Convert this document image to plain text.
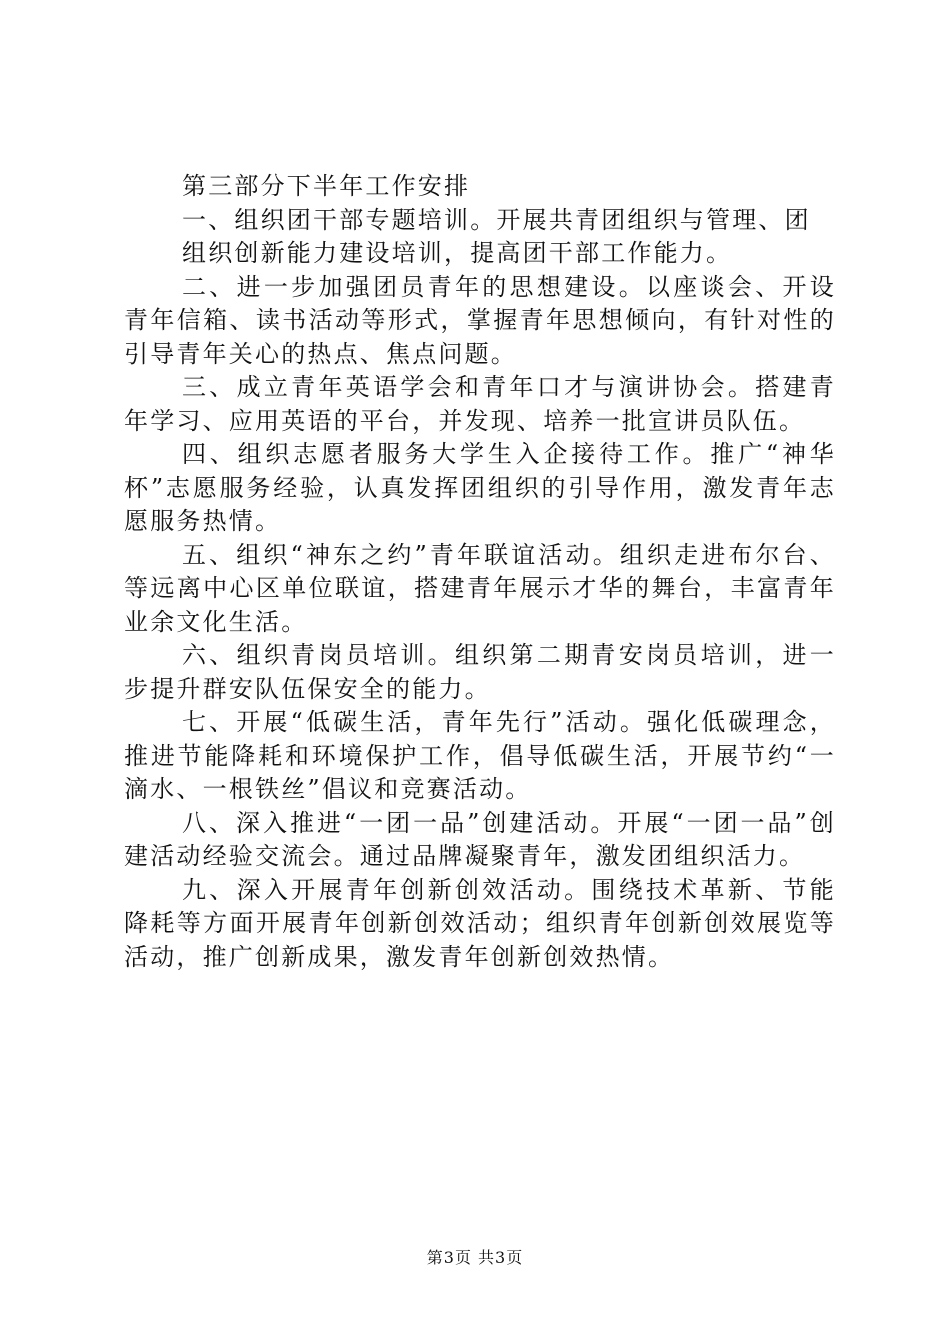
第三部分下半年工作安排

一、组织团干部专题培训。开展共青团组织与管理、团
组织创新能力建设培训，提高团干部工作能力。

二、进一步加强团员青年的思想建设。以座谈会、开设青年信箱、读书活动等形式，掌握青年思想倾向，有针对性的引导青年关心的热点、焦点问题。

三、成立青年英语学会和青年口才与演讲协会。搭建青年学习、应用英语的平台，并发现、培养一批宣讲员队伍。

四、组织志愿者服务大学生入企接待工作。推广“神华杯”志愿服务经验，认真发挥团组织的引导作用，激发青年志愿服务热情。

五、组织“神东之约”青年联谊活动。组织走进布尔台、等远离中心区单位联谊，搭建青年展示才华的舞台，丰富青年业余文化生活。

六、组织青岗员培训。组织第二期青安岗员培训，进一步提升群安队伍保安全的能力。

七、开展“低碳生活，青年先行”活动。强化低碳理念，推进节能降耗和环境保护工作，倡导低碳生活，开展节约“一滴水、一根铁丝”倡议和竞赛活动。

八、深入推进“一团一品”创建活动。开展“一团一品”创建活动经验交流会。通过品牌凝聚青年，激发团组织活力。

九、深入开展青年创新创效活动。围绕技术革新、节能降耗等方面开展青年创新创效活动；组织青年创新创效展览等活动，推广创新成果，激发青年创新创效热情。

第3页 共3页
